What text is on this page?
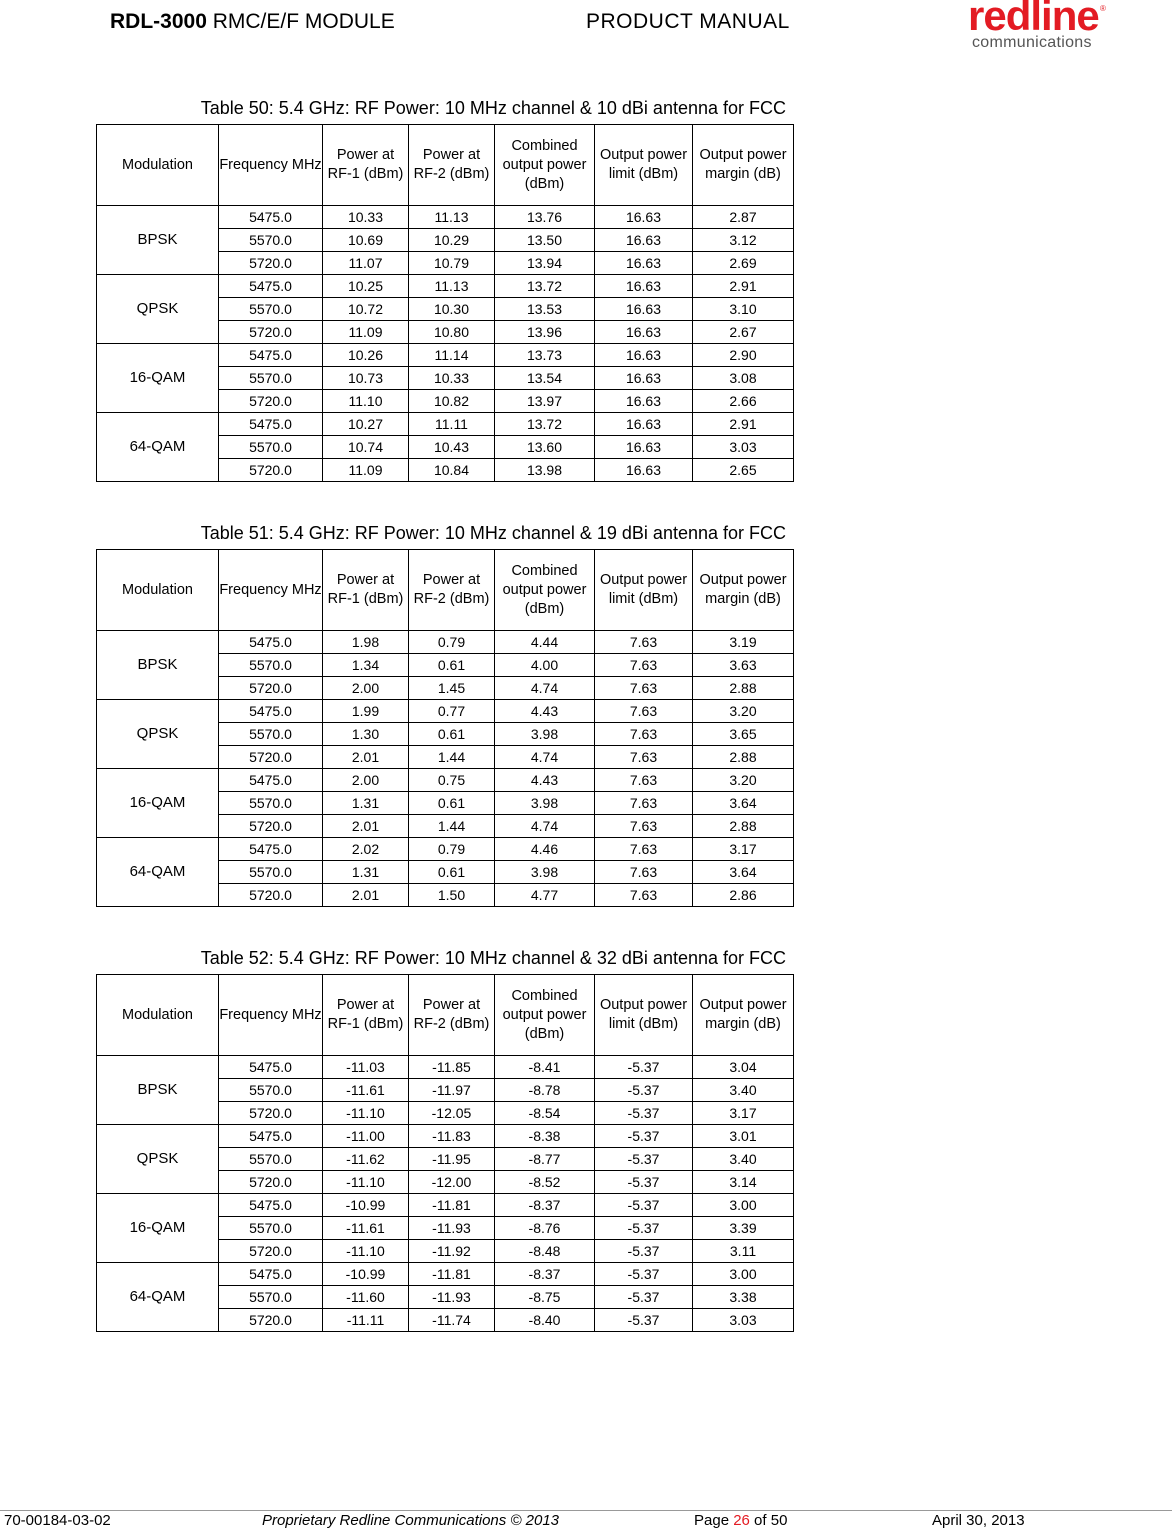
RDL-3000 RMC/E/F MODULE	PRODUCT MANUAL	redline ®
communications
Table 50: 5.4 GHz: RF Power: 10 MHz channel & 10 dBi antenna for FCC
Modulation	Frequency MHz	Power at RF-1 (dBm)	Power at RF-2 (dBm)	Combined output power (dBm)	Output power limit (dBm)	Output power margin (dB)
BPSK	5475.0	10.33	11.13	13.76	16.63	2.87
	5570.0	10.69	10.29	13.50	16.63	3.12
	5720.0	11.07	10.79	13.94	16.63	2.69
QPSK	5475.0	10.25	11.13	13.72	16.63	2.91
	5570.0	10.72	10.30	13.53	16.63	3.10
	5720.0	11.09	10.80	13.96	16.63	2.67
16-QAM	5475.0	10.26	11.14	13.73	16.63	2.90
	5570.0	10.73	10.33	13.54	16.63	3.08
	5720.0	11.10	10.82	13.97	16.63	2.66
64-QAM	5475.0	10.27	11.11	13.72	16.63	2.91
	5570.0	10.74	10.43	13.60	16.63	3.03
	5720.0	11.09	10.84	13.98	16.63	2.65
Table 51: 5.4 GHz: RF Power: 10 MHz channel & 19 dBi antenna for FCC
Modulation	Frequency MHz	Power at RF-1 (dBm)	Power at RF-2 (dBm)	Combined output power (dBm)	Output power limit (dBm)	Output power margin (dB)
BPSK	5475.0	1.98	0.79	4.44	7.63	3.19
	5570.0	1.34	0.61	4.00	7.63	3.63
	5720.0	2.00	1.45	4.74	7.63	2.88
QPSK	5475.0	1.99	0.77	4.43	7.63	3.20
	5570.0	1.30	0.61	3.98	7.63	3.65
	5720.0	2.01	1.44	4.74	7.63	2.88
16-QAM	5475.0	2.00	0.75	4.43	7.63	3.20
	5570.0	1.31	0.61	3.98	7.63	3.64
	5720.0	2.01	1.44	4.74	7.63	2.88
64-QAM	5475.0	2.02	0.79	4.46	7.63	3.17
	5570.0	1.31	0.61	3.98	7.63	3.64
	5720.0	2.01	1.50	4.77	7.63	2.86
Table 52: 5.4 GHz: RF Power: 10 MHz channel & 32 dBi antenna for FCC
Modulation	Frequency MHz	Power at RF-1 (dBm)	Power at RF-2 (dBm)	Combined output power (dBm)	Output power limit (dBm)	Output power margin (dB)
BPSK	5475.0	-11.03	-11.85	-8.41	-5.37	3.04
	5570.0	-11.61	-11.97	-8.78	-5.37	3.40
	5720.0	-11.10	-12.05	-8.54	-5.37	3.17
QPSK	5475.0	-11.00	-11.83	-8.38	-5.37	3.01
	5570.0	-11.62	-11.95	-8.77	-5.37	3.40
	5720.0	-11.10	-12.00	-8.52	-5.37	3.14
16-QAM	5475.0	-10.99	-11.81	-8.37	-5.37	3.00
	5570.0	-11.61	-11.93	-8.76	-5.37	3.39
	5720.0	-11.10	-11.92	-8.48	-5.37	3.11
64-QAM	5475.0	-10.99	-11.81	-8.37	-5.37	3.00
	5570.0	-11.60	-11.93	-8.75	-5.37	3.38
	5720.0	-11.11	-11.74	-8.40	-5.37	3.03
70-00184-03-02	Proprietary Redline Communications © 2013	Page 26 of 50	April 30, 2013
